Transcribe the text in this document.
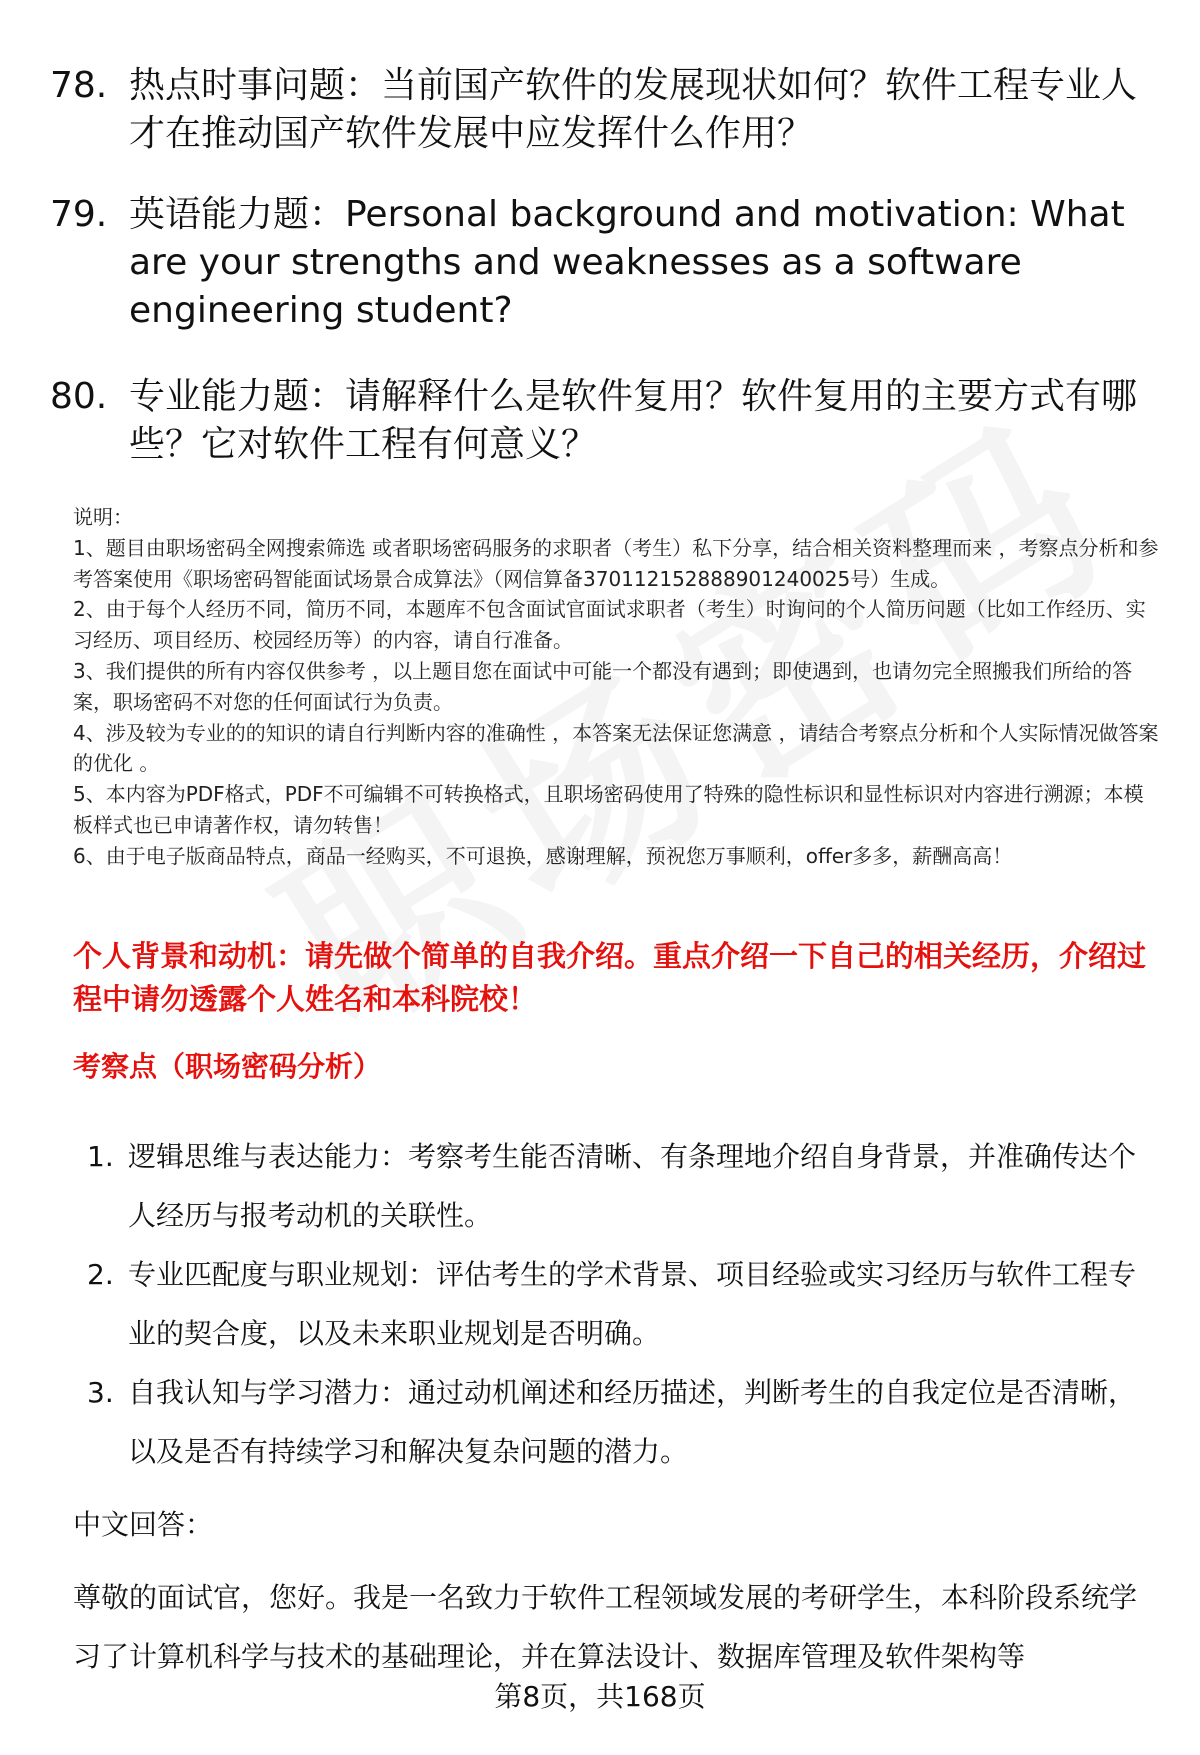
78. 热点时事问题：当前国产软件的发展现状如何？软件工程专业人才在推动国产软件发展中应发挥什么作用？
79. 英语能力题：Personal background and motivation: What are your strengths and weaknesses as a software engineering student?
80. 专业能力题：请解释什么是软件复用？软件复用的主要方式有哪些？它对软件工程有何意义？

说明：

1、题目由职场密码全网搜索筛选 或者职场密码服务的求职者（考生）私下分享，结合相关资料整理而来 ，考察点分析和参考答案使用《职场密码智能面试场景合成算法》（网信算备370112152888901240025号）生成。

2、由于每个人经历不同，简历不同，本题库不包含面试官面试求职者（考生）时询问的个人简历问题（比如工作经历、实习经历、项目经历、校园经历等）的内容，请自行准备。

3、我们提供的所有内容仅供参考 ，以上题目您在面试中可能一个都没有遇到；即使遇到，也请勿完全照搬我们所给的答案，职场密码不对您的任何面试行为负责。

4、涉及较为专业的的知识的请自行判断内容的准确性 ，本答案无法保证您满意 ，请结合考察点分析和个人实际情况做答案的优化 。

5、本内容为PDF格式，PDF不可编辑不可转换格式，且职场密码使用了特殊的隐性标识和显性标识对内容进行溯源；本模板样式也已申请著作权，请勿转售！

6、由于电子版商品特点，商品一经购买，不可退换，感谢理解，预祝您万事顺利，offer多多，薪酬高高！

个人背景和动机：请先做个简单的自我介绍。重点介绍一下自己的相关经历，介绍过程中请勿透露个人姓名和本科院校！
考察点（职场密码分析）
1. 逻辑思维与表达能力：考察考生能否清晰、有条理地介绍自身背景，并准确传达个人经历与报考动机的关联性。
2. 专业匹配度与职业规划：评估考生的学术背景、项目经验或实习经历与软件工程专业的契合度，以及未来职业规划是否明确。
3. 自我认知与学习潜力：通过动机阐述和经历描述，判断考生的自我定位是否清晰，以及是否有持续学习和解决复杂问题的潜力。
中文回答：
尊敬的面试官，您好。我是一名致力于软件工程领域发展的考研学生，本科阶段系统学习了计算机科学与技术的基础理论，并在算法设计、数据库管理及软件架构等
第8页，共168页
